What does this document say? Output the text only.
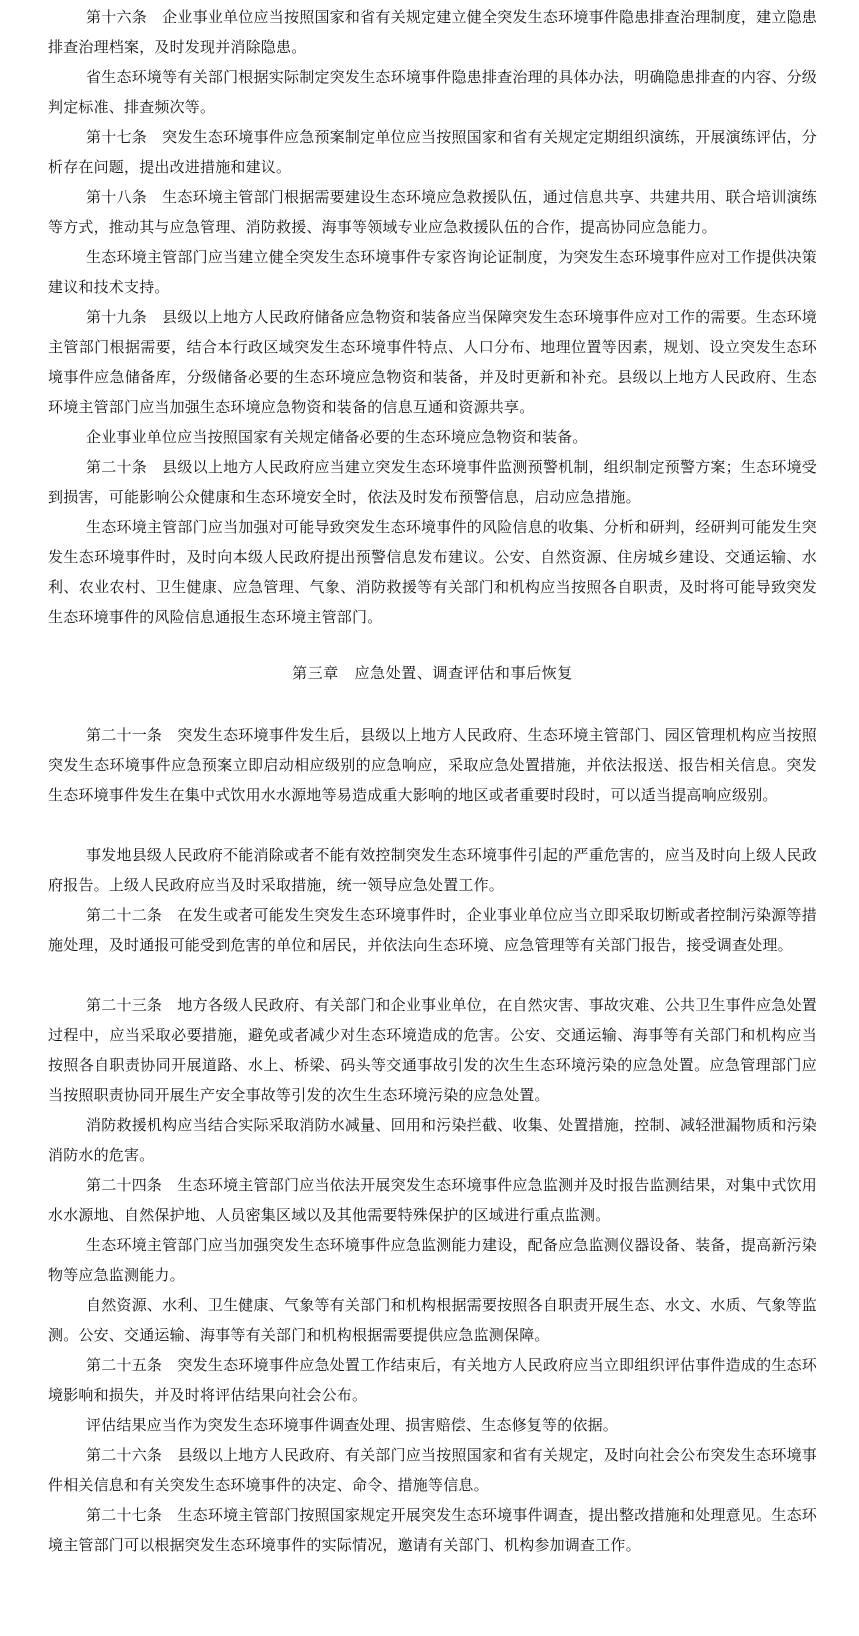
第十六条　企业事业单位应当按照国家和省有关规定建立健全突发生态环境事件隐患排查治理制度，建立隐患排查治理档案，及时发现并消除隐患。

省生态环境等有关部门根据实际制定突发生态环境事件隐患排查治理的具体办法，明确隐患排查的内容、分级判定标准、排查频次等。

第十七条　突发生态环境事件应急预案制定单位应当按照国家和省有关规定定期组织演练，开展演练评估，分析存在问题，提出改进措施和建议。

第十八条　生态环境主管部门根据需要建设生态环境应急救援队伍，通过信息共享、共建共用、联合培训演练等方式，推动其与应急管理、消防救援、海事等领域专业应急救援队伍的合作，提高协同应急能力。

生态环境主管部门应当建立健全突发生态环境事件专家咨询论证制度，为突发生态环境事件应对工作提供决策建议和技术支持。

第十九条　县级以上地方人民政府储备应急物资和装备应当保障突发生态环境事件应对工作的需要。生态环境主管部门根据需要，结合本行政区域突发生态环境事件特点、人口分布、地理位置等因素，规划、设立突发生态环境事件应急储备库，分级储备必要的生态环境应急物资和装备，并及时更新和补充。县级以上地方人民政府、生态环境主管部门应当加强生态环境应急物资和装备的信息互通和资源共享。

企业事业单位应当按照国家有关规定储备必要的生态环境应急物资和装备。

第二十条　县级以上地方人民政府应当建立突发生态环境事件监测预警机制，组织制定预警方案；生态环境受到损害，可能影响公众健康和生态环境安全时，依法及时发布预警信息，启动应急措施。

生态环境主管部门应当加强对可能导致突发生态环境事件的风险信息的收集、分析和研判，经研判可能发生突发生态环境事件时，及时向本级人民政府提出预警信息发布建议。公安、自然资源、住房城乡建设、交通运输、水利、农业农村、卫生健康、应急管理、气象、消防救援等有关部门和机构应当按照各自职责，及时将可能导致突发生态环境事件的风险信息通报生态环境主管部门。

第三章　应急处置、调查评估和事后恢复

第二十一条　突发生态环境事件发生后，县级以上地方人民政府、生态环境主管部门、园区管理机构应当按照突发生态环境事件应急预案立即启动相应级别的应急响应，采取应急处置措施，并依法报送、报告相关信息。突发生态环境事件发生在集中式饮用水水源地等易造成重大影响的地区或者重要时段时，可以适当提高响应级别。

事发地县级人民政府不能消除或者不能有效控制突发生态环境事件引起的严重危害的，应当及时向上级人民政府报告。上级人民政府应当及时采取措施，统一领导应急处置工作。

第二十二条　在发生或者可能发生突发生态环境事件时，企业事业单位应当立即采取切断或者控制污染源等措施处理，及时通报可能受到危害的单位和居民，并依法向生态环境、应急管理等有关部门报告，接受调查处理。

第二十三条　地方各级人民政府、有关部门和企业事业单位，在自然灾害、事故灾难、公共卫生事件应急处置过程中，应当采取必要措施，避免或者减少对生态环境造成的危害。公安、交通运输、海事等有关部门和机构应当按照各自职责协同开展道路、水上、桥梁、码头等交通事故引发的次生生态环境污染的应急处置。应急管理部门应当按照职责协同开展生产安全事故等引发的次生生态环境污染的应急处置。

消防救援机构应当结合实际采取消防水减量、回用和污染拦截、收集、处置措施，控制、减轻泄漏物质和污染消防水的危害。

第二十四条　生态环境主管部门应当依法开展突发生态环境事件应急监测并及时报告监测结果，对集中式饮用水水源地、自然保护地、人员密集区域以及其他需要特殊保护的区域进行重点监测。

生态环境主管部门应当加强突发生态环境事件应急监测能力建设，配备应急监测仪器设备、装备，提高新污染物等应急监测能力。

自然资源、水利、卫生健康、气象等有关部门和机构根据需要按照各自职责开展生态、水文、水质、气象等监测。公安、交通运输、海事等有关部门和机构根据需要提供应急监测保障。

第二十五条　突发生态环境事件应急处置工作结束后，有关地方人民政府应当立即组织评估事件造成的生态环境影响和损失，并及时将评估结果向社会公布。

评估结果应当作为突发生态环境事件调查处理、损害赔偿、生态修复等的依据。

第二十六条　县级以上地方人民政府、有关部门应当按照国家和省有关规定，及时向社会公布突发生态环境事件相关信息和有关突发生态环境事件的决定、命令、措施等信息。

第二十七条　生态环境主管部门按照国家规定开展突发生态环境事件调查，提出整改措施和处理意见。生态环境主管部门可以根据突发生态环境事件的实际情况，邀请有关部门、机构参加调查工作。
